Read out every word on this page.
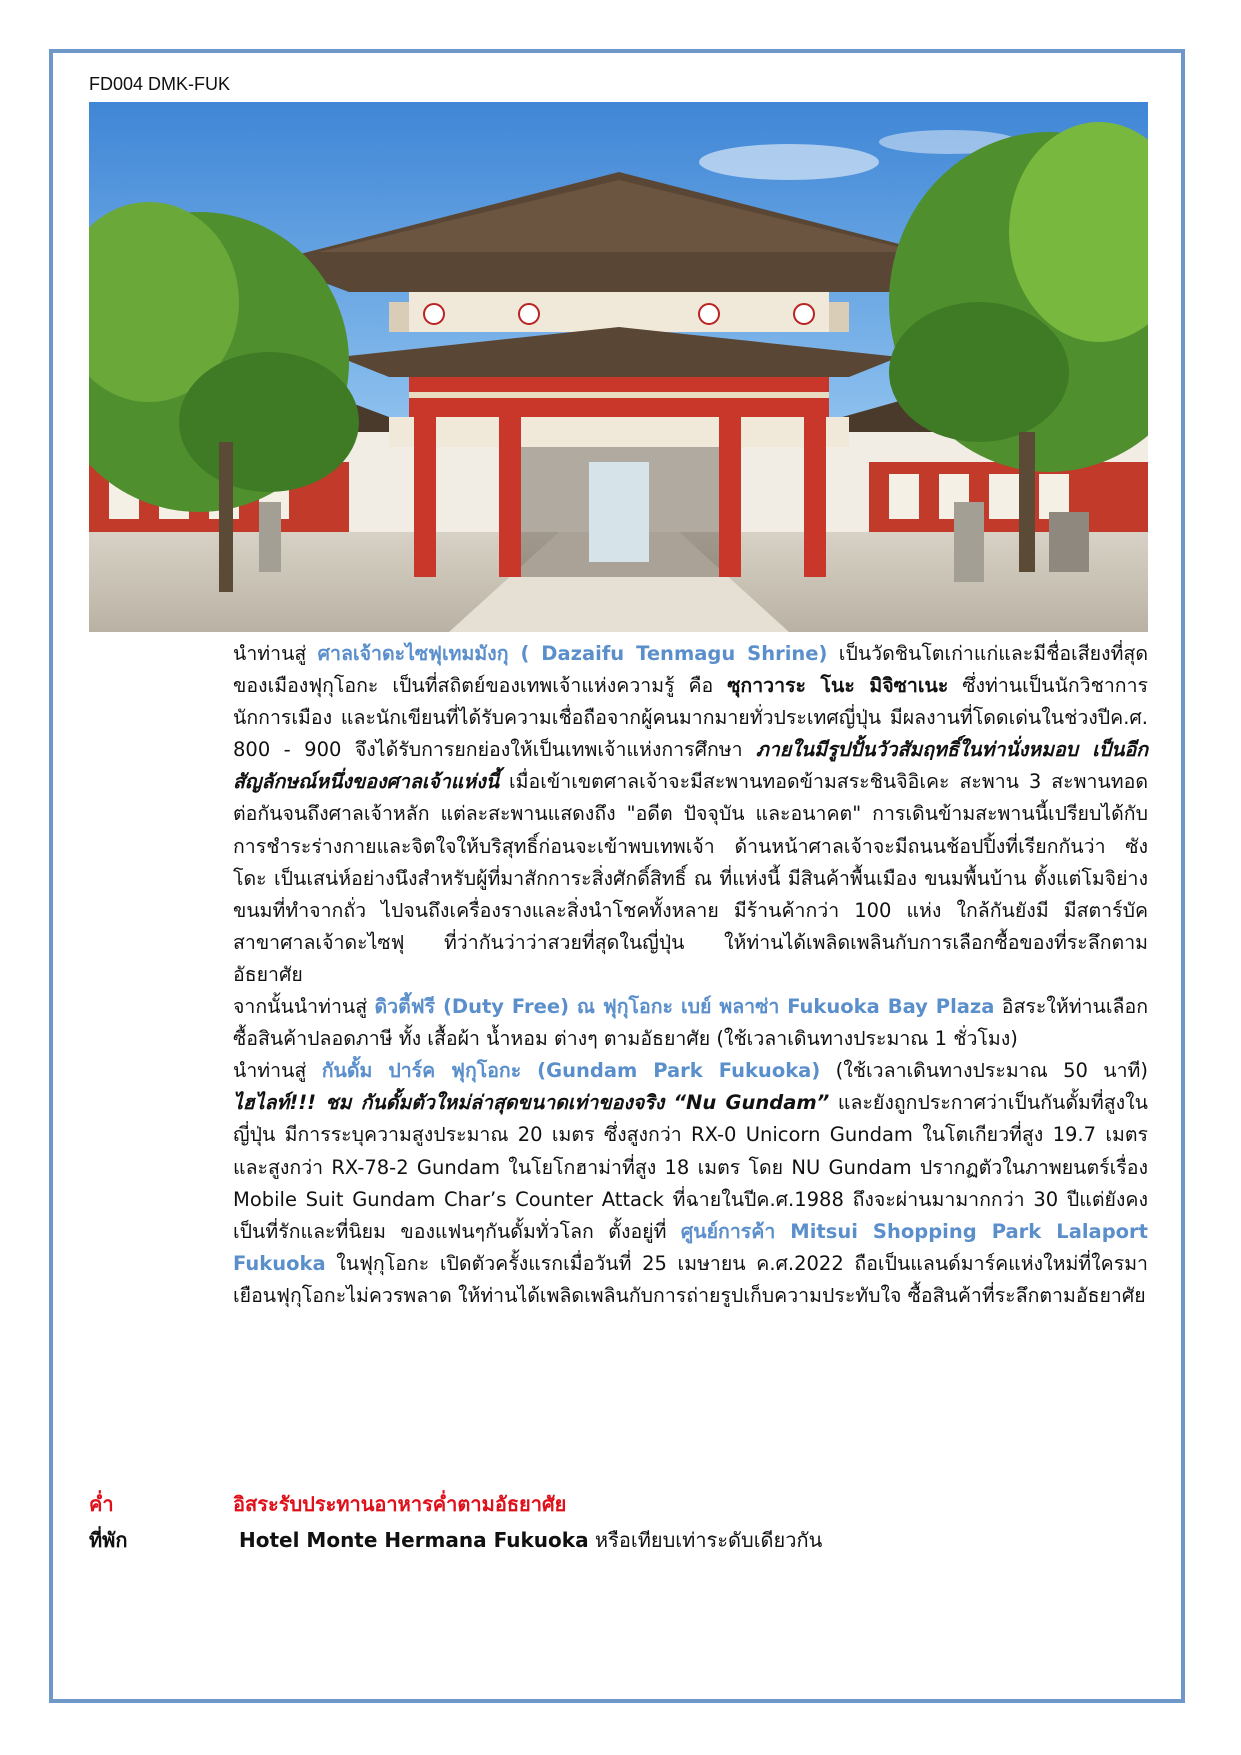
FD004 DMK-FUK

นำท่านสู่ ศาลเจ้าดะไซฟุเทมมังกุ ( Dazaifu Tenmagu Shrine) เป็นวัดชินโตเก่าแก่และมีชื่อเสียงที่สุดของเมืองฟุกุโอกะ เป็นที่สถิตย์ของเทพเจ้าแห่งความรู้ คือ ซุกาวาระ โนะ มิจิซาเนะ ซึ่งท่านเป็นนักวิชาการ นักการเมือง และนักเขียนที่ได้รับความเชื่อถือจากผู้คนมากมายทั่วประเทศญี่ปุ่น มีผลงานที่โดดเด่นในช่วงปีค.ศ. 800 - 900 จึงได้รับการยกย่องให้เป็นเทพเจ้าแห่งการศึกษา ภายในมีรูปปั้นวัวสัมฤทธิ์ในท่านั่งหมอบ เป็นอีกสัญลักษณ์หนึ่งของศาลเจ้าแห่งนี้ เมื่อเข้าเขตศาลเจ้าจะมีสะพานทอดข้ามสระชินจิอิเคะ สะพาน 3 สะพานทอดต่อกันจนถึงศาลเจ้าหลัก แต่ละสะพานแสดงถึง "อดีต ปัจจุบัน และอนาคต" การเดินข้ามสะพานนี้เปรียบได้กับการชำระร่างกายและจิตใจให้บริสุทธิ์ก่อนจะเข้าพบเทพเจ้า ด้านหน้าศาลเจ้าจะมีถนนช้อปปิ้งที่เรียกกันว่า ซังโดะ เป็นเสน่ห์อย่างนึงสำหรับผู้ที่มาสักการะสิ่งศักดิ์สิทธิ์ ณ ที่แห่งนี้ มีสินค้าพื้นเมือง ขนมพื้นบ้าน ตั้งแต่โมจิย่าง ขนมที่ทำจากถั่ว ไปจนถึงเครื่องรางและสิ่งนำโชคทั้งหลาย มีร้านค้ากว่า 100 แห่ง ใกล้กันยังมี มีสตาร์บัค สาขาศาลเจ้าดะไซฟุ ที่ว่ากันว่าว่าสวยที่สุดในญี่ปุ่น ให้ท่านได้เพลิดเพลินกับการเลือกซื้อของที่ระลึกตามอัธยาศัย

จากนั้นนำท่านสู่ ดิวตี้ฟรี (Duty Free) ณ ฟุกุโอกะ เบย์ พลาซ่า Fukuoka Bay Plaza อิสระให้ท่านเลือกซื้อสินค้าปลอดภาษี ทั้ง เสื้อผ้า น้ำหอม ต่างๆ ตามอัธยาศัย (ใช้เวลาเดินทางประมาณ 1 ชั่วโมง)

นำท่านสู่ กันดั้ม ปาร์ค ฟุกุโอกะ (Gundam Park Fukuoka) (ใช้เวลาเดินทางประมาณ 50 นาที) ไฮไลท์!!! ชม กันดั้มตัวใหม่ล่าสุดขนาดเท่าของจริง “Nu Gundam” และยังถูกประกาศว่าเป็นกันดั้มที่สูงในญี่ปุ่น มีการระบุความสูงประมาณ 20 เมตร ซึ่งสูงกว่า RX-0 Unicorn Gundam ในโตเกียวที่สูง 19.7 เมตร และสูงกว่า RX-78-2 Gundam ในโยโกฮาม่าที่สูง 18 เมตร โดย NU Gundam ปรากฏตัวในภาพยนตร์เรื่อง Mobile Suit Gundam Char’s Counter Attack ที่ฉายในปีค.ศ.1988 ถึงจะผ่านมามากกว่า 30 ปีแต่ยังคงเป็นที่รักและที่นิยม ของแฟนๆกันดั้มทั่วโลก ตั้งอยู่ที่ ศูนย์การค้า Mitsui Shopping Park Lalaport Fukuoka ในฟุกุโอกะ เปิดตัวครั้งแรกเมื่อวันที่ 25 เมษายน ค.ศ.2022 ถือเป็นแลนด์มาร์คแห่งใหม่ที่ใครมาเยือนฟุกุโอกะไม่ควรพลาด ให้ท่านได้เพลิดเพลินกับการถ่ายรูปเก็บความประทับใจ ซื้อสินค้าที่ระลึกตามอัธยาศัย

ค่ำ	อิสระรับประทานอาหารค่ำตามอัธยาศัย
ที่พัก	Hotel Monte Hermana Fukuoka หรือเทียบเท่าระดับเดียวกัน
